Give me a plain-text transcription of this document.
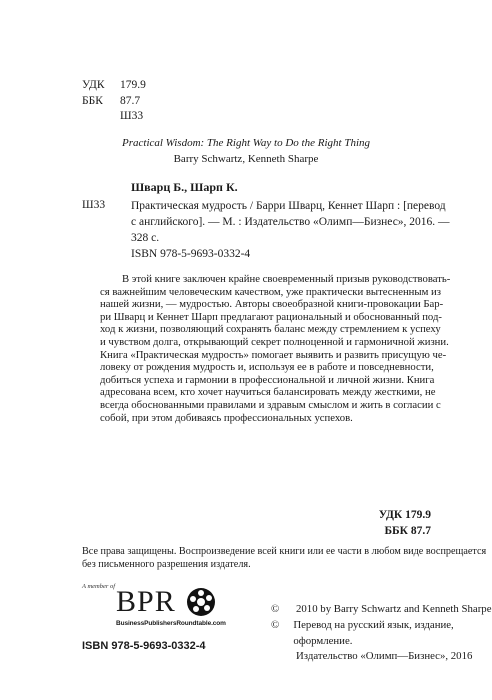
УДК	179.9
ББК	87.7
Ш33
Practical Wisdom: The Right Way to Do the Right Thing
Barry Schwartz, Kenneth Sharpe
Шварц Б., Шарп К.
Ш33 Практическая мудрость / Барри Шварц, Кеннет Шарп : [перевод
с английского]. — М. : Издательство «Олимп—Бизнес», 2016. —
328 с.
ISBN 978-5-9693-0332-4
В этой книге заключен крайне своевременный призыв руководствовать-
ся важнейшим человеческим качеством, уже практически вытесненным из
нашей жизни, — мудростью. Авторы своеобразной книги-провокации Бар-
ри Шварц и Кеннет Шарп предлагают рациональный и обоснованный под-
ход к жизни, позволяющий сохранять баланс между стремлением к успеху
и чувством долга, открывающий секрет полноценной и гармоничной жизни.
Книга «Практическая мудрость» помогает выявить и развить присущую че-
ловеку от рождения мудрость и, используя ее в работе и повседневности,
добиться успеха и гармонии в профессиональной и личной жизни. Книга
адресована всем, кто хочет научиться балансировать между жесткими, не
всегда обоснованными правилами и здравым смыслом и жить в согласии с
собой, при этом добиваясь профессиональных успехов.
УДК 179.9
ББК 87.7
Все права защищены. Воспроизведение всей книги или ее части в любом виде воспрещается
без письменного разрешения издателя.
A member of BPR
BusinessPublishersRoundtable.com
ISBN 978-5-9693-0332-4
©	2010 by Barry Schwartz and Kenneth Sharpe
©	Перевод на русский язык, издание, оформление.
Издательство «Олимп—Бизнес», 2016
